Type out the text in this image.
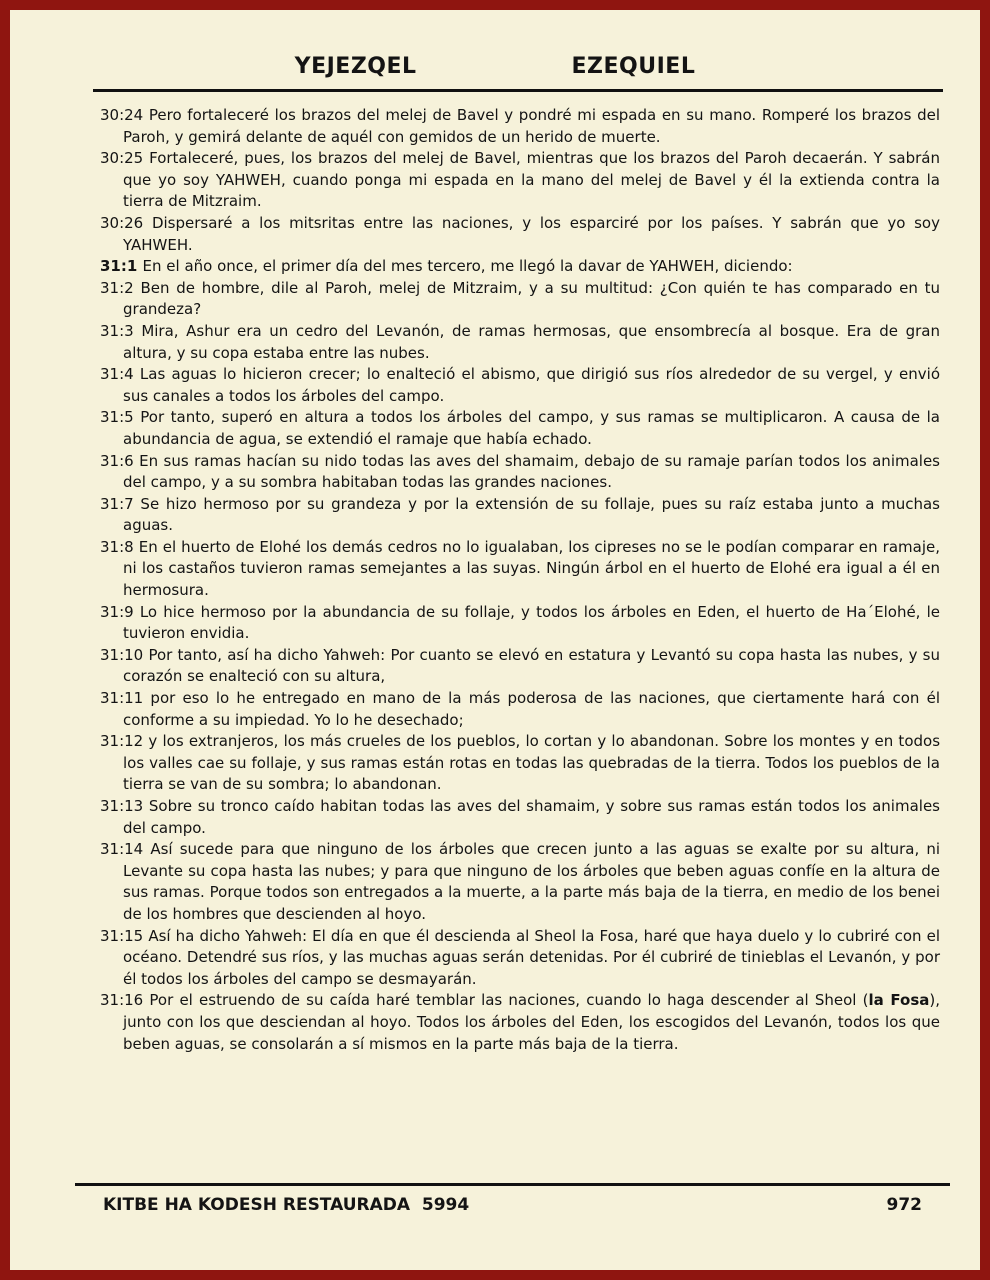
YEJEZQEL	EZEQUIEL

30:24 Pero fortaleceré los brazos del melej de Bavel y pondré mi espada en su mano. Romperé los brazos del Paroh, y gemirá delante de aquél con gemidos de un herido de muerte.

30:25 Fortaleceré, pues, los brazos del melej de Bavel, mientras que los brazos del Paroh decaerán. Y sabrán que yo soy YAHWEH, cuando ponga mi espada en la mano del melej de Bavel y él la extienda contra la tierra de Mitzraim.

30:26 Dispersaré a los mitsritas entre las naciones, y los esparciré por los países. Y sabrán que yo soy YAHWEH.

31:1 En el año once, el primer día del mes tercero, me llegó la davar de YAHWEH, diciendo:

31:2 Ben de hombre, dile al Paroh, melej de Mitzraim, y a su multitud: ¿Con quién te has comparado en tu grandeza?

31:3 Mira, Ashur era un cedro del Levanón, de ramas hermosas, que ensombrecía al bosque. Era de gran altura, y su copa estaba entre las nubes.

31:4 Las aguas lo hicieron crecer; lo enalteció el abismo, que dirigió sus ríos alrededor de su vergel, y envió sus canales a todos los árboles del campo.

31:5 Por tanto, superó en altura a todos los árboles del campo, y sus ramas se multiplicaron. A causa de la abundancia de agua, se extendió el ramaje que había echado.

31:6 En sus ramas hacían su nido todas las aves del shamaim, debajo de su ramaje parían todos los animales del campo, y a su sombra habitaban todas las grandes naciones.

31:7 Se hizo hermoso por su grandeza y por la extensión de su follaje, pues su raíz estaba junto a muchas aguas.

31:8 En el huerto de Elohé los demás cedros no lo igualaban, los cipreses no se le podían comparar en ramaje, ni los castaños tuvieron ramas semejantes a las suyas. Ningún árbol en el huerto de Elohé era igual a él en hermosura.

31:9 Lo hice hermoso por la abundancia de su follaje, y todos los árboles en Eden, el huerto de Ha´Elohé, le tuvieron envidia.

31:10 Por tanto, así ha dicho Yahweh: Por cuanto se elevó en estatura y Levantó su copa hasta las nubes, y su corazón se enalteció con su altura,

31:11 por eso lo he entregado en mano de la más poderosa de las naciones, que ciertamente hará con él conforme a su impiedad. Yo lo he desechado;

31:12 y los extranjeros, los más crueles de los pueblos, lo cortan y lo abandonan. Sobre los montes y en todos los valles cae su follaje, y sus ramas están rotas en todas las quebradas de la tierra. Todos los pueblos de la tierra se van de su sombra; lo abandonan.

31:13 Sobre su tronco caído habitan todas las aves del shamaim, y sobre sus ramas están todos los animales del campo.

31:14 Así sucede para que ninguno de los árboles que crecen junto a las aguas se exalte por su altura, ni Levante su copa hasta las nubes; y para que ninguno de los árboles que beben aguas confíe en la altura de sus ramas. Porque todos son entregados a la muerte, a la parte más baja de la tierra, en medio de los benei de los hombres que descienden al hoyo.

31:15 Así ha dicho Yahweh: El día en que él descienda al Sheol la Fosa, haré que haya duelo y lo cubriré con el océano. Detendré sus ríos, y las muchas aguas serán detenidas. Por él cubriré de tinieblas el Levanón, y por él todos los árboles del campo se desmayarán.

31:16 Por el estruendo de su caída haré temblar las naciones, cuando lo haga descender al Sheol (la Fosa), junto con los que desciendan al hoyo. Todos los árboles del Eden, los escogidos del Levanón, todos los que beben aguas, se consolarán a sí mismos en la parte más baja de la tierra.

KITBE HA KODESH RESTAURADA  5994	972
